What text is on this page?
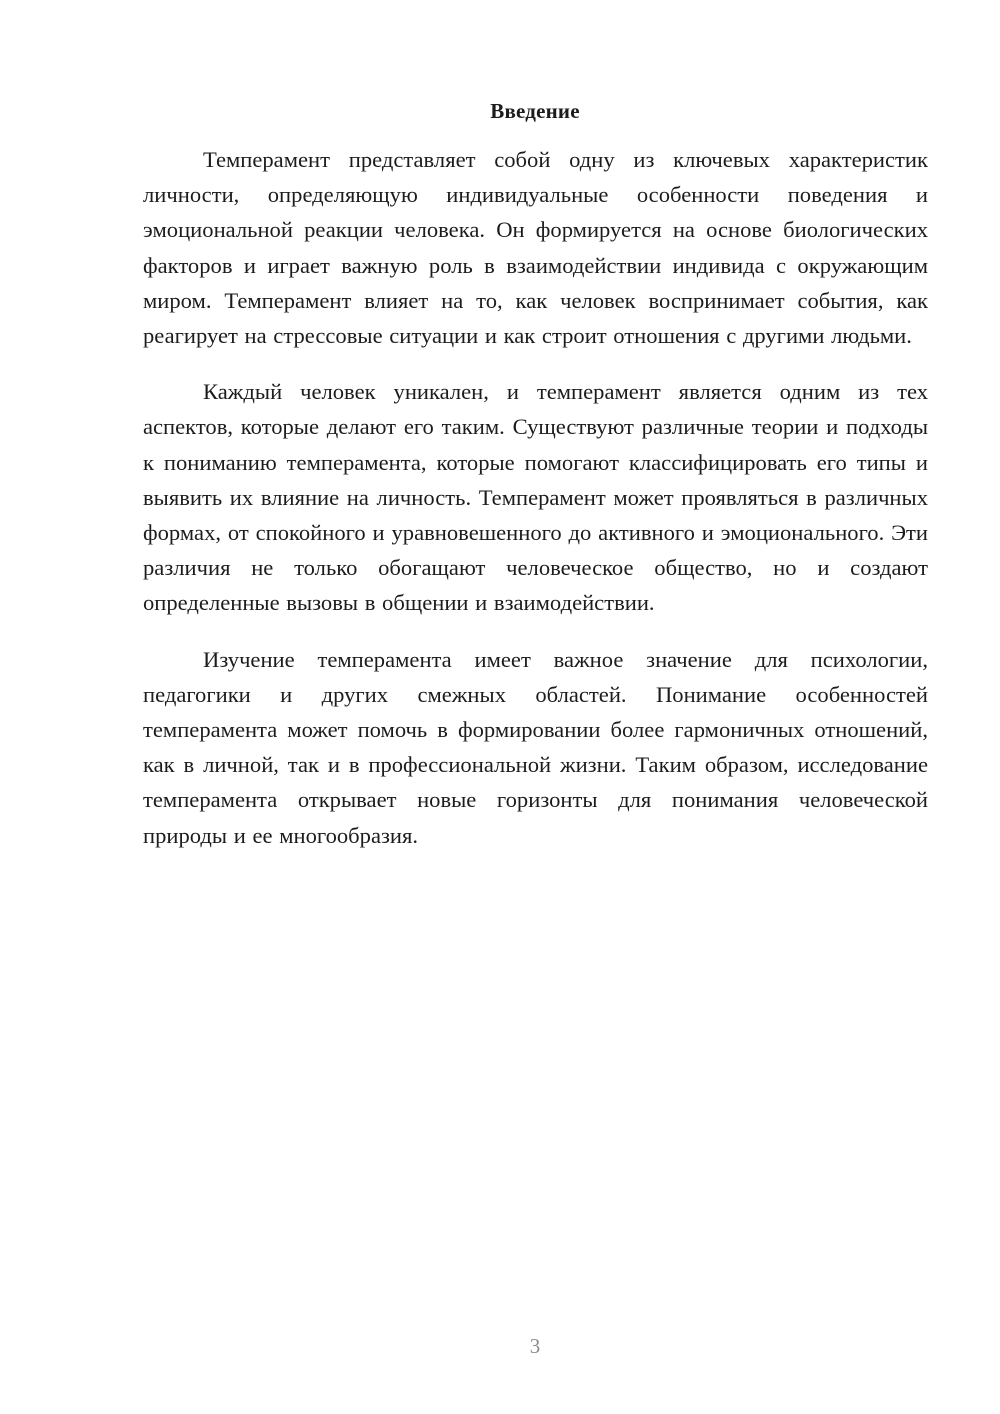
Введение

Темперамент представляет собой одну из ключевых характеристик личности, определяющую индивидуальные особенности поведения и эмоциональной реакции человека. Он формируется на основе биологических факторов и играет важную роль в взаимодействии индивида с окружающим миром. Темперамент влияет на то, как человек воспринимает события, как реагирует на стрессовые ситуации и как строит отношения с другими людьми.

Каждый человек уникален, и темперамент является одним из тех аспектов, которые делают его таким. Существуют различные теории и подходы к пониманию темперамента, которые помогают классифицировать его типы и выявить их влияние на личность. Темперамент может проявляться в различных формах, от спокойного и уравновешенного до активного и эмоционального. Эти различия не только обогащают человеческое общество, но и создают определенные вызовы в общении и взаимодействии.

Изучение темперамента имеет важное значение для психологии, педагогики и других смежных областей. Понимание особенностей темперамента может помочь в формировании более гармоничных отношений, как в личной, так и в профессиональной жизни. Таким образом, исследование темперамента открывает новые горизонты для понимания человеческой природы и ее многообразия.

3
